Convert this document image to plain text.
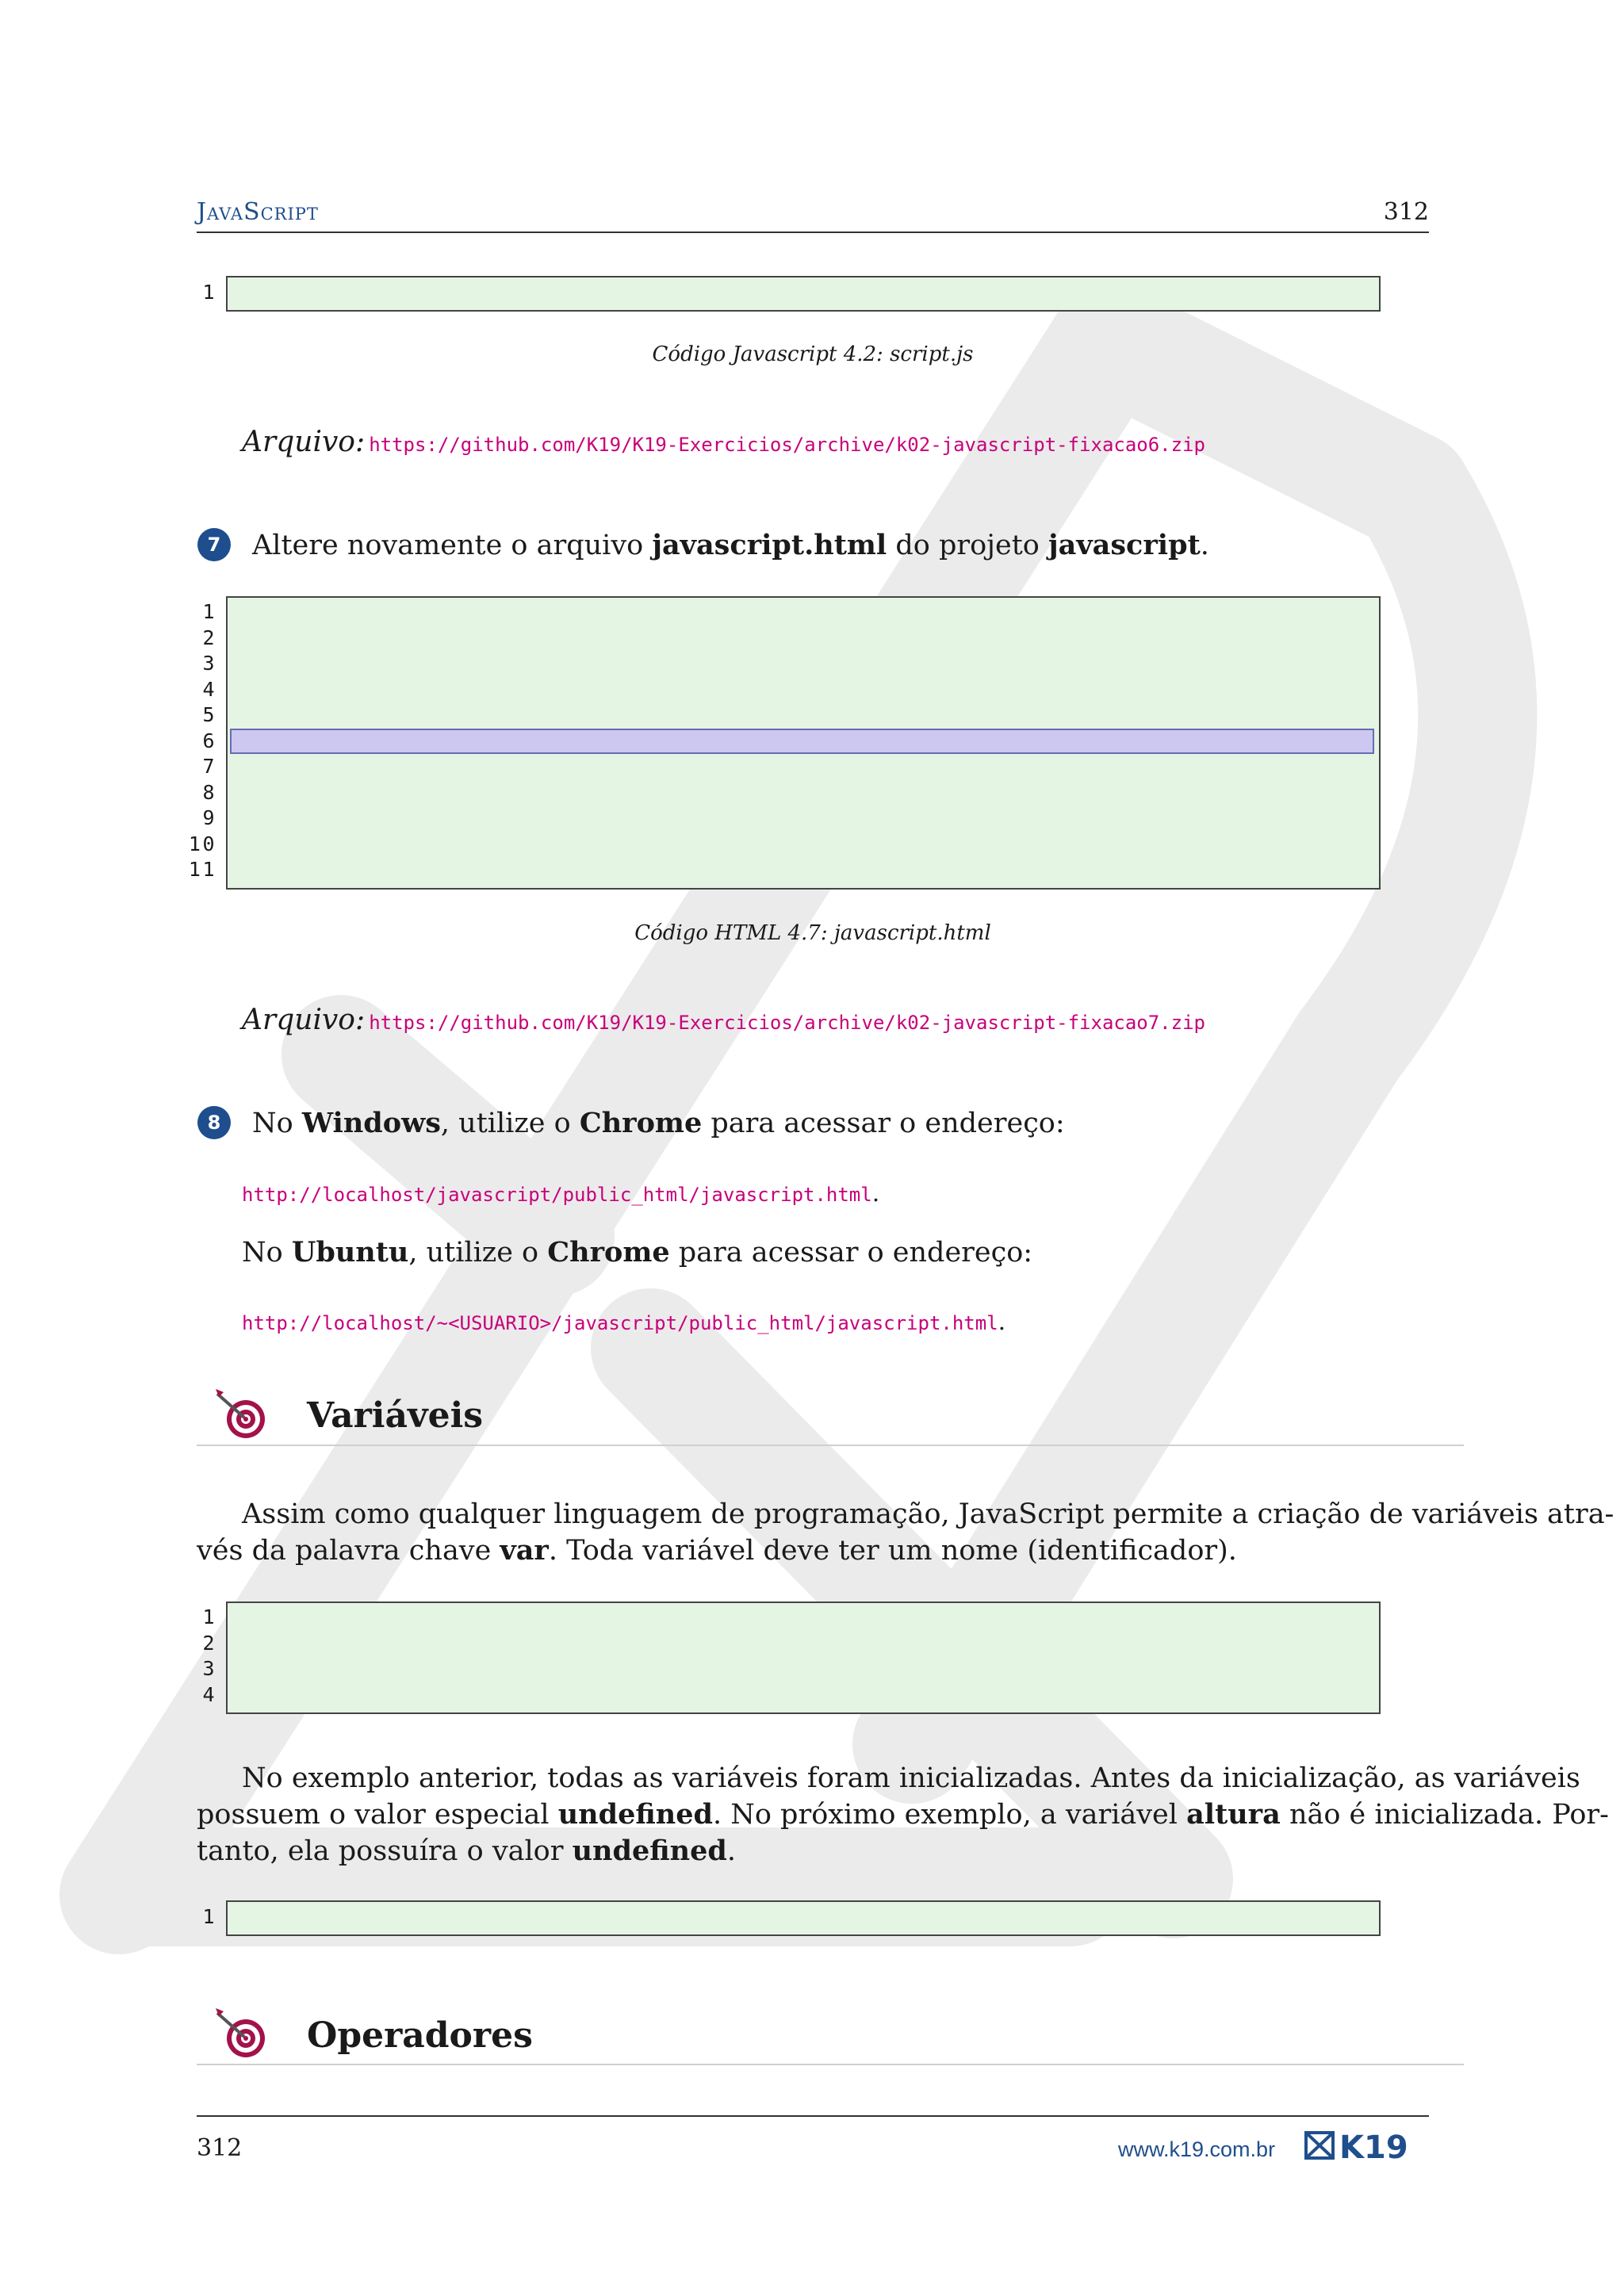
JavaScript	312
1
Código Javascript 4.2: script.js
Arquivo: https://github.com/K19/K19-Exercicios/archive/k02-javascript-fixacao6.zip
7	Altere novamente o arquivo javascript.html do projeto javascript.
1
2
3
4

5
6
7
8
9
10
11
Código HTML 4.7: javascript.html
Arquivo: https://github.com/K19/K19-Exercicios/archive/k02-javascript-fixacao7.zip
8	No Windows, utilize o Chrome para acessar o endereço:
http://localhost/javascript/public_html/javascript.html.
No Ubuntu, utilize o Chrome para acessar o endereço:
http://localhost/~<USUARIO>/javascript/public_html/javascript.html.
Variáveis
Assim como qualquer linguagem de programação, JavaScript permite a criação de variáveis atra-
vés da palavra chave var. Toda variável deve ter um nome (identificador).
1
2
3
4
No exemplo anterior, todas as variáveis foram inicializadas. Antes da inicialização, as variáveis
possuem o valor especial undefined. No próximo exemplo, a variável altura não é inicializada. Por-
tanto, ela possuíra o valor undefined.
1
Operadores
312	www.k19.com.br K19
